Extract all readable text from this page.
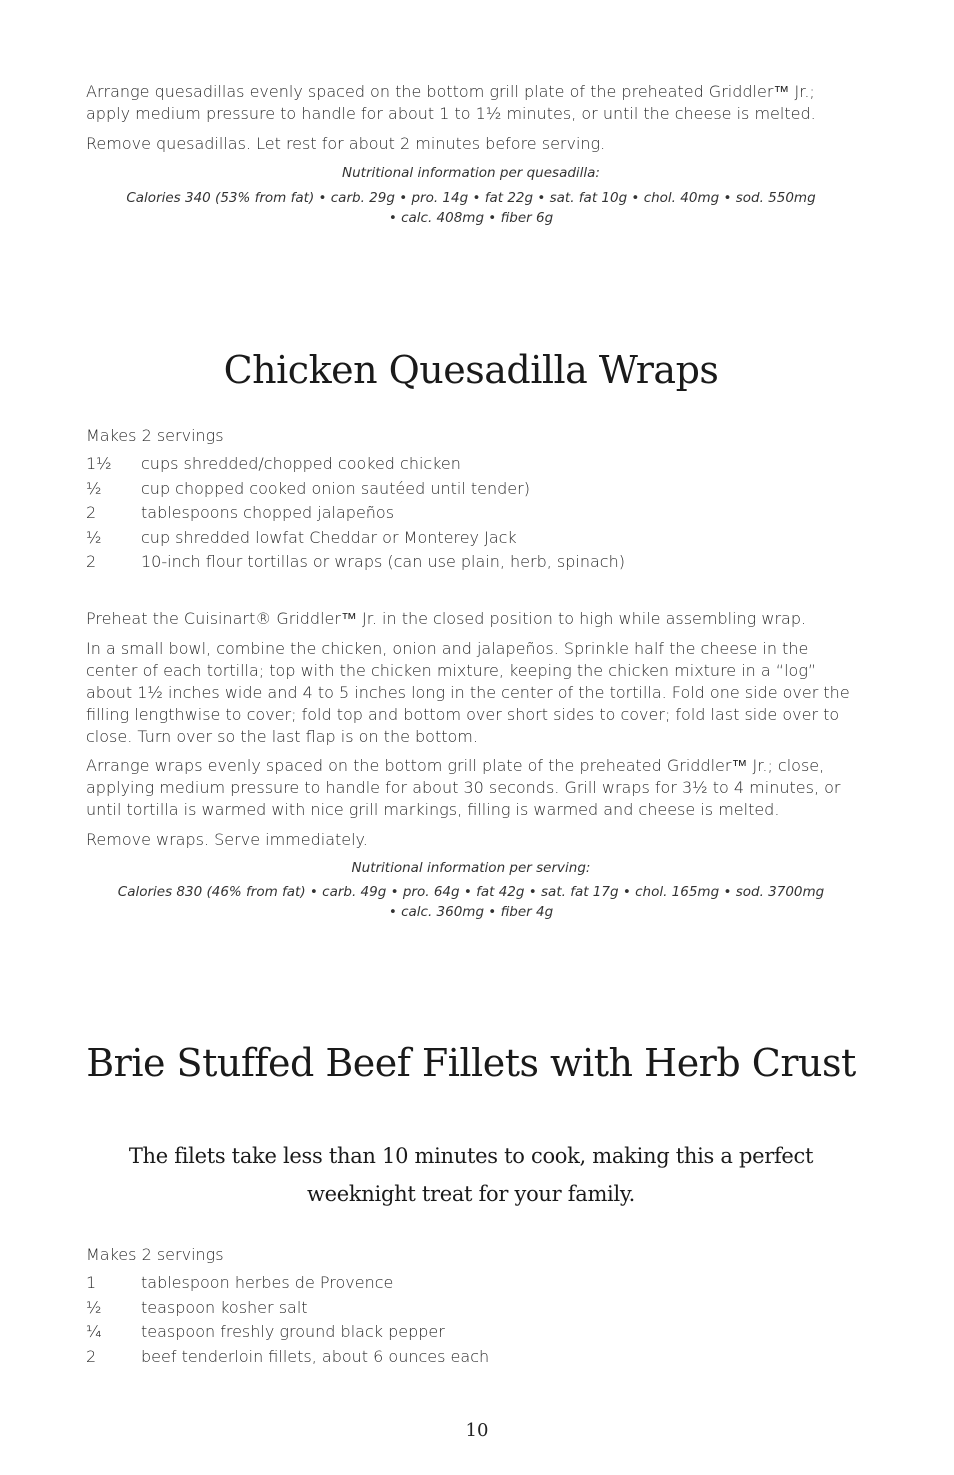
Arrange quesadillas evenly spaced on the bottom grill plate of the preheated Griddler™ Jr.; apply medium pressure to handle for about 1 to 1½ minutes, or until the cheese is melted.

Remove quesadillas. Let rest for about 2 minutes before serving.

Nutritional information per quesadilla:

Calories 340 (53% from fat) • carb. 29g • pro. 14g • fat 22g • sat. fat 10g • chol. 40mg • sod. 550mg

• calc. 408mg • fiber 6g

Chicken Quesadilla Wraps

Makes 2 servings

1½	cups shredded/chopped cooked chicken
½	cup chopped cooked onion sautéed until tender)
2	tablespoons chopped jalapeños
½	cup shredded lowfat Cheddar or Monterey Jack
2	10-inch flour tortillas or wraps (can use plain, herb, spinach)

Preheat the Cuisinart® Griddler™ Jr. in the closed position to high while assembling wrap.

In a small bowl, combine the chicken, onion and jalapeños. Sprinkle half the cheese in the center of each tortilla; top with the chicken mixture, keeping the chicken mixture in a “log” about 1½ inches wide and 4 to 5 inches long in the center of the tortilla. Fold one side over the filling lengthwise to cover; fold top and bottom over short sides to cover; fold last side over to close. Turn over so the last flap is on the bottom.

Arrange wraps evenly spaced on the bottom grill plate of the preheated Griddler™ Jr.; close, applying medium pressure to handle for about 30 seconds. Grill wraps for 3½ to 4 minutes, or until tortilla is warmed with nice grill markings, filling is warmed and cheese is melted.

Remove wraps. Serve immediately.

Nutritional information per serving:

Calories 830 (46% from fat) • carb. 49g • pro. 64g • fat 42g • sat. fat 17g • chol. 165mg • sod. 3700mg

• calc. 360mg • fiber 4g

Brie Stuffed Beef Fillets with Herb Crust

The filets take less than 10 minutes to cook, making this a perfect weeknight treat for your family.

Makes 2 servings

1	tablespoon herbes de Provence
½	teaspoon kosher salt
¼	teaspoon freshly ground black pepper
2	beef tenderloin fillets, about 6 ounces each
10
